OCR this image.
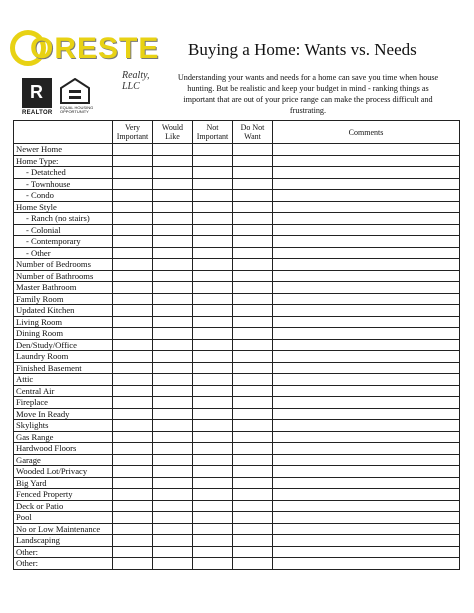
ORESTE
Realty, LLC
R
REALTOR
EQUAL HOUSING OPPORTUNITY
Buying a Home: Wants vs. Needs
Understanding your wants and needs for a home can save you time when house hunting. But be realistic and keep your budget in mind - ranking things as important that are out of your price range can make the process difficult and frustrating.
	Very Important	Would Like	Not Important	Do Not Want	Comments
Newer Home					
Home Type:					
- Detatched					
- Townhouse					
- Condo					
Home Style					
- Ranch (no stairs)					
- Colonial					
- Contemporary					
- Other					
Number of Bedrooms					
Number of Bathrooms					
Master Bathroom					
Family Room					
Updated Kitchen					
Living Room					
Dining Room					
Den/Study/Office					
Laundry Room					
Finished Basement					
Attic					
Central Air					
Fireplace					
Move In Ready					
Skylights					
Gas Range					
Hardwood Floors					
Garage					
Wooded Lot/Privacy					
Big Yard					
Fenced Property					
Deck or Patio					
Pool					
No or Low Maintenance					
Landscaping					
Other:					
Other:					
